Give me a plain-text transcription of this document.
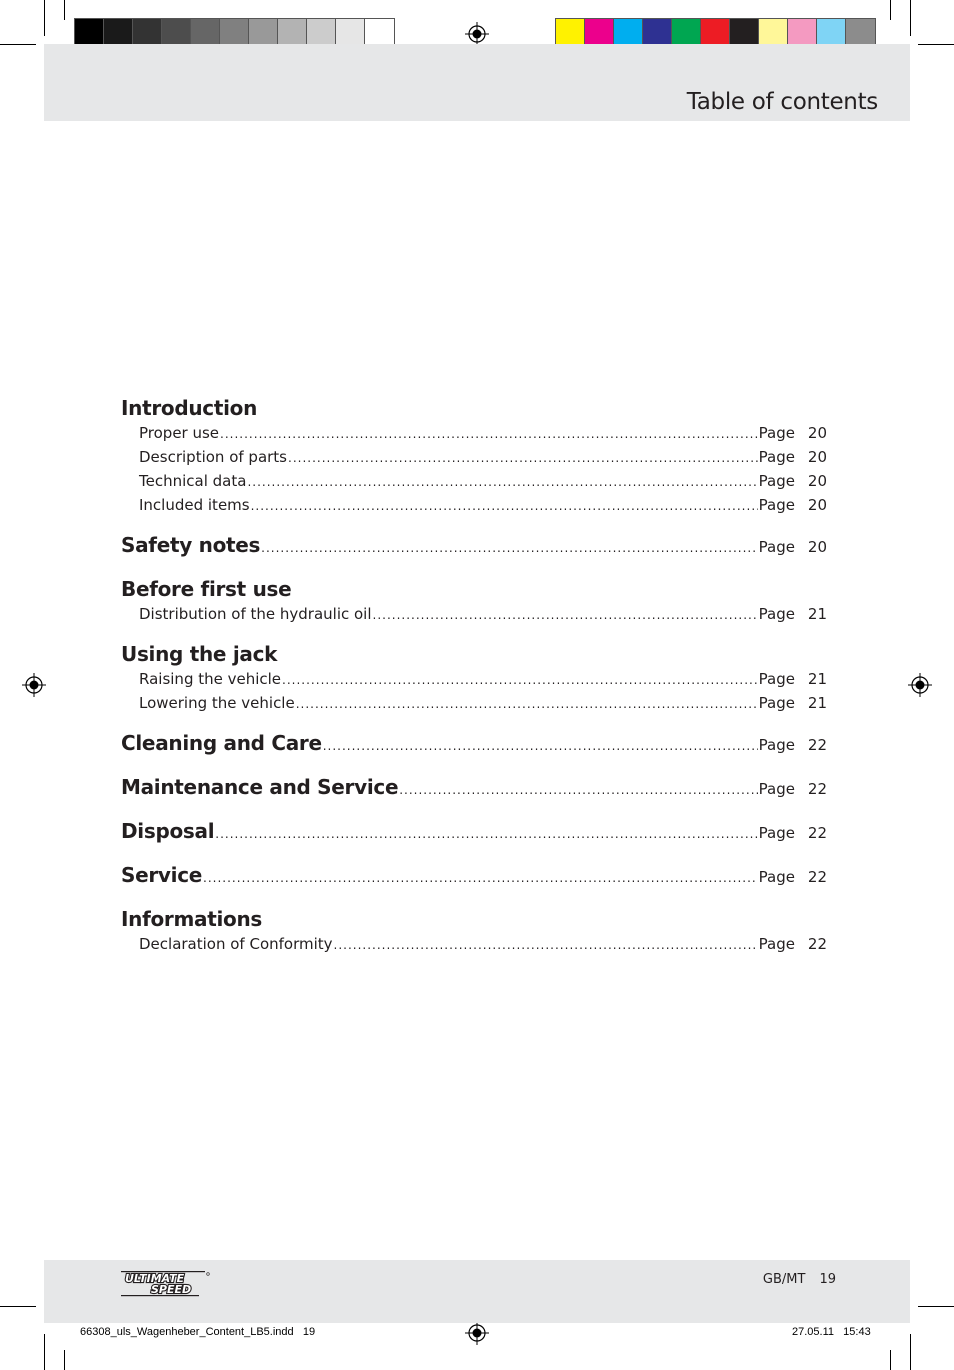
Table of contents
Introduction
Proper use .....	Page 20
Description of parts .....	Page 20
Technical data .....	Page 20
Included items .....	Page 20
Safety notes .....	Page 20
Before first use
Distribution of the hydraulic oil .....	Page 21
Using the jack
Raising the vehicle .....	Page 21
Lowering the vehicle .....	Page 21
Cleaning and Care .....	Page 22
Maintenance and Service .....	Page 22
Disposal .....	Page 22
Service .....	Page 22
Informations
Declaration of Conformity .....	Page 22
ULTIMATE
SPEED
GB/MT 19
66308_uls_Wagenheber_Content_LB5.indd   19	27.05.11   15:43
